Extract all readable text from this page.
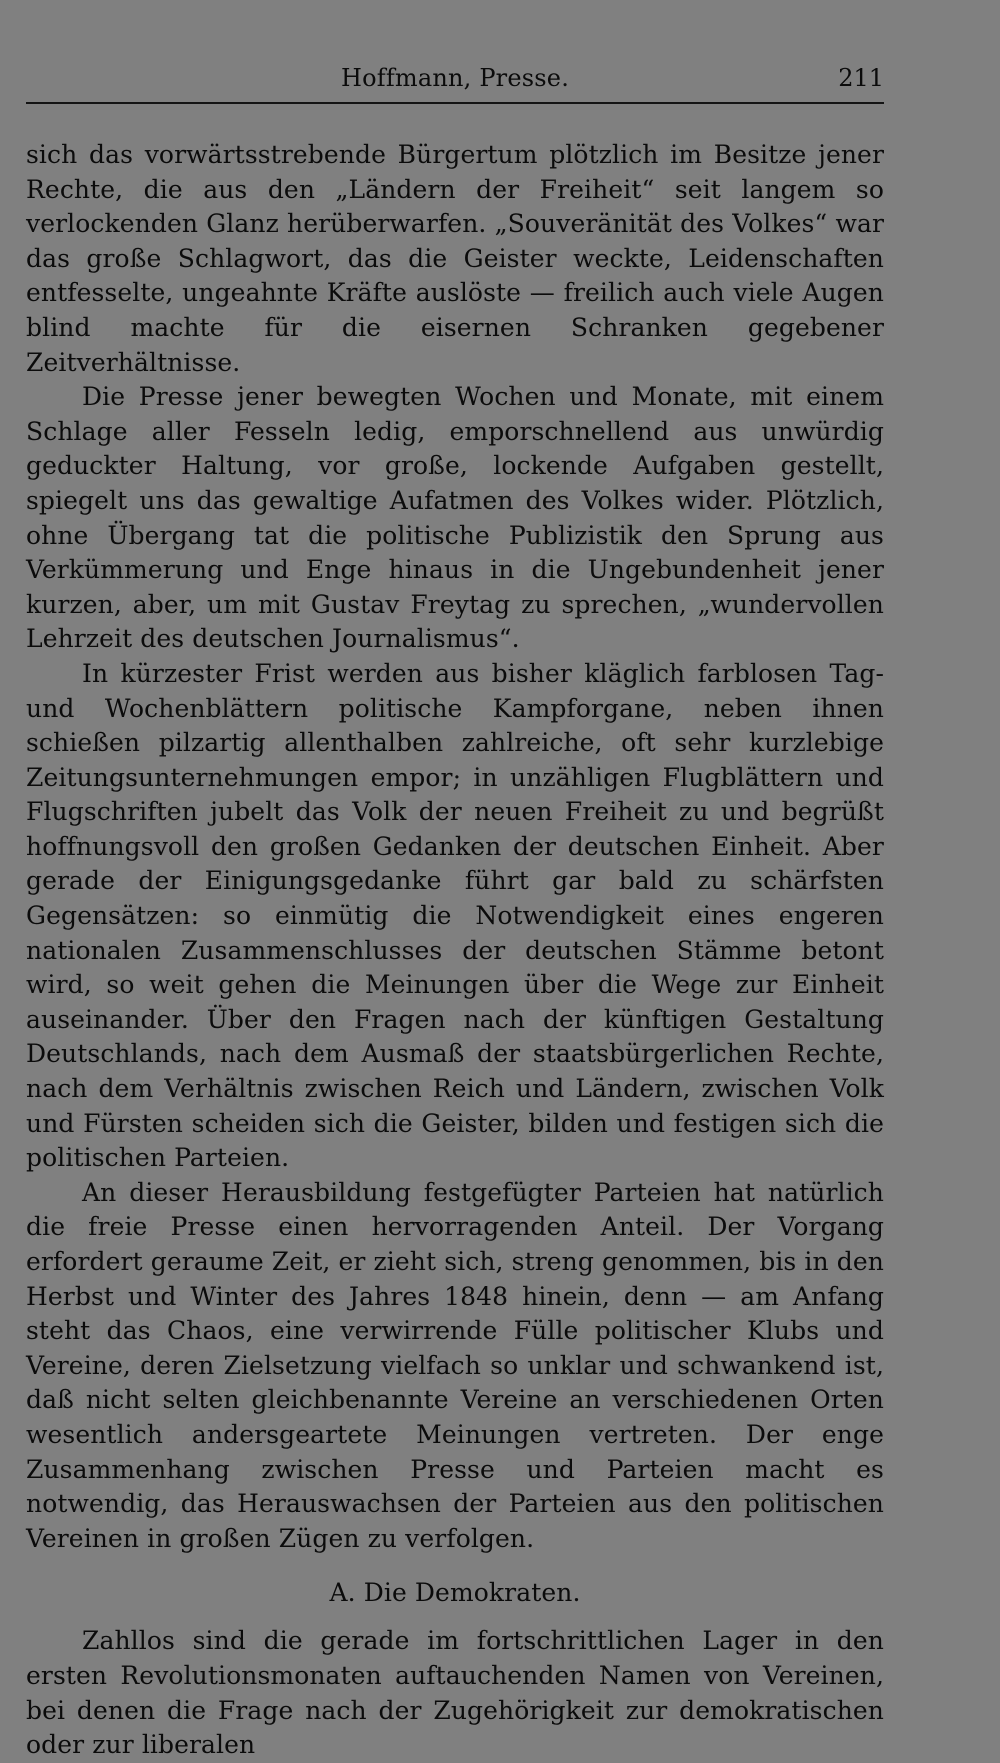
Hoffmann, Presse.	211

sich das vorwärtsstrebende Bürgertum plötzlich im Besitze jener Rechte, die aus den „Ländern der Freiheit“ seit langem so verlockenden Glanz herüberwarfen. „Souveränität des Volkes“ war das große Schlagwort, das die Geister weckte, Leidenschaften entfesselte, ungeahnte Kräfte auslöste — freilich auch viele Augen blind machte für die eisernen Schranken gegebener Zeitverhältnisse.

Die Presse jener bewegten Wochen und Monate, mit einem Schlage aller Fesseln ledig, emporschnellend aus unwürdig geduckter Haltung, vor große, lockende Aufgaben gestellt, spiegelt uns das gewaltige Aufatmen des Volkes wider. Plötzlich, ohne Übergang tat die politische Publizistik den Sprung aus Verkümmerung und Enge hinaus in die Ungebundenheit jener kurzen, aber, um mit Gustav Freytag zu sprechen, „wundervollen Lehrzeit des deutschen Journalismus“.

In kürzester Frist werden aus bisher kläglich farblosen Tag- und Wochenblättern politische Kampforgane, neben ihnen schießen pilzartig allenthalben zahlreiche, oft sehr kurzlebige Zeitungsunternehmungen empor; in unzähligen Flugblättern und Flugschriften jubelt das Volk der neuen Freiheit zu und begrüßt hoffnungsvoll den großen Gedanken der deutschen Einheit. Aber gerade der Einigungsgedanke führt gar bald zu schärfsten Gegensätzen: so einmütig die Notwendigkeit eines engeren nationalen Zusammenschlusses der deutschen Stämme betont wird, so weit gehen die Meinungen über die Wege zur Einheit auseinander. Über den Fragen nach der künftigen Gestaltung Deutschlands, nach dem Ausmaß der staatsbürgerlichen Rechte, nach dem Verhältnis zwischen Reich und Ländern, zwischen Volk und Fürsten scheiden sich die Geister, bilden und festigen sich die politischen Parteien.

An dieser Herausbildung festgefügter Parteien hat natürlich die freie Presse einen hervorragenden Anteil. Der Vorgang erfordert geraume Zeit, er zieht sich, streng genommen, bis in den Herbst und Winter des Jahres 1848 hinein, denn — am Anfang steht das Chaos, eine verwirrende Fülle politischer Klubs und Vereine, deren Zielsetzung vielfach so unklar und schwankend ist, daß nicht selten gleichbenannte Vereine an verschiedenen Orten wesentlich andersgeartete Meinungen vertreten. Der enge Zusammenhang zwischen Presse und Parteien macht es notwendig, das Herauswachsen der Parteien aus den politischen Vereinen in großen Zügen zu verfolgen.

A. Die Demokraten.

Zahllos sind die gerade im fortschrittlichen Lager in den ersten Revolutionsmonaten auftauchenden Namen von Vereinen, bei denen die Frage nach der Zugehörigkeit zur demokratischen oder zur liberalen
